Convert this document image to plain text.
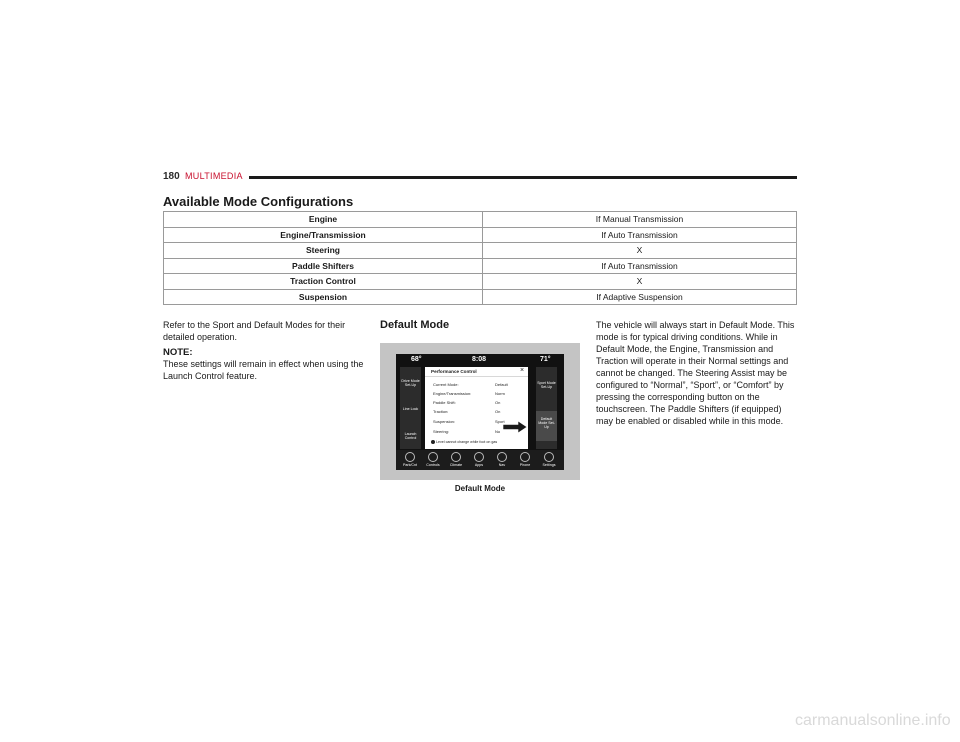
180 MULTIMEDIA
Available Mode Configurations
Engine	If Manual Transmission
Engine/Transmission	If Auto Transmission
Steering	X
Paddle Shifters	If Auto Transmission
Traction Control	X
Suspension	If Adaptive Suspension

Refer to the Sport and Default Modes for their detailed operation.

NOTE:

These settings will remain in effect when using the Launch Control feature.

Default Mode
68°	8:08	71°
Drive Mode Set-Up
Line Lock
Launch Control
Performance Control	×
Current Mode:	Default
Engine/Transmission:	Norm
Paddle Shift:	On
Traction:	On
Suspension:	Sport
Steering:	No
Level cannot change while foot on gas
Sport Mode Set-Up
Default Mode Set-Up
Park/Cnt	Controls	Climate	Apps	Nav	Phone	Settings
Default Mode

The vehicle will always start in Default Mode. This mode is for typical driving conditions. While in Default Mode, the Engine, Transmission and Traction will operate in their Normal settings and cannot be changed. The Steering Assist may be configured to “Normal”, “Sport”, or “Comfort” by pressing the corresponding button on the touchscreen. The Paddle Shifters (if equipped) may be enabled or disabled while in this mode.

carmanualsonline.info
